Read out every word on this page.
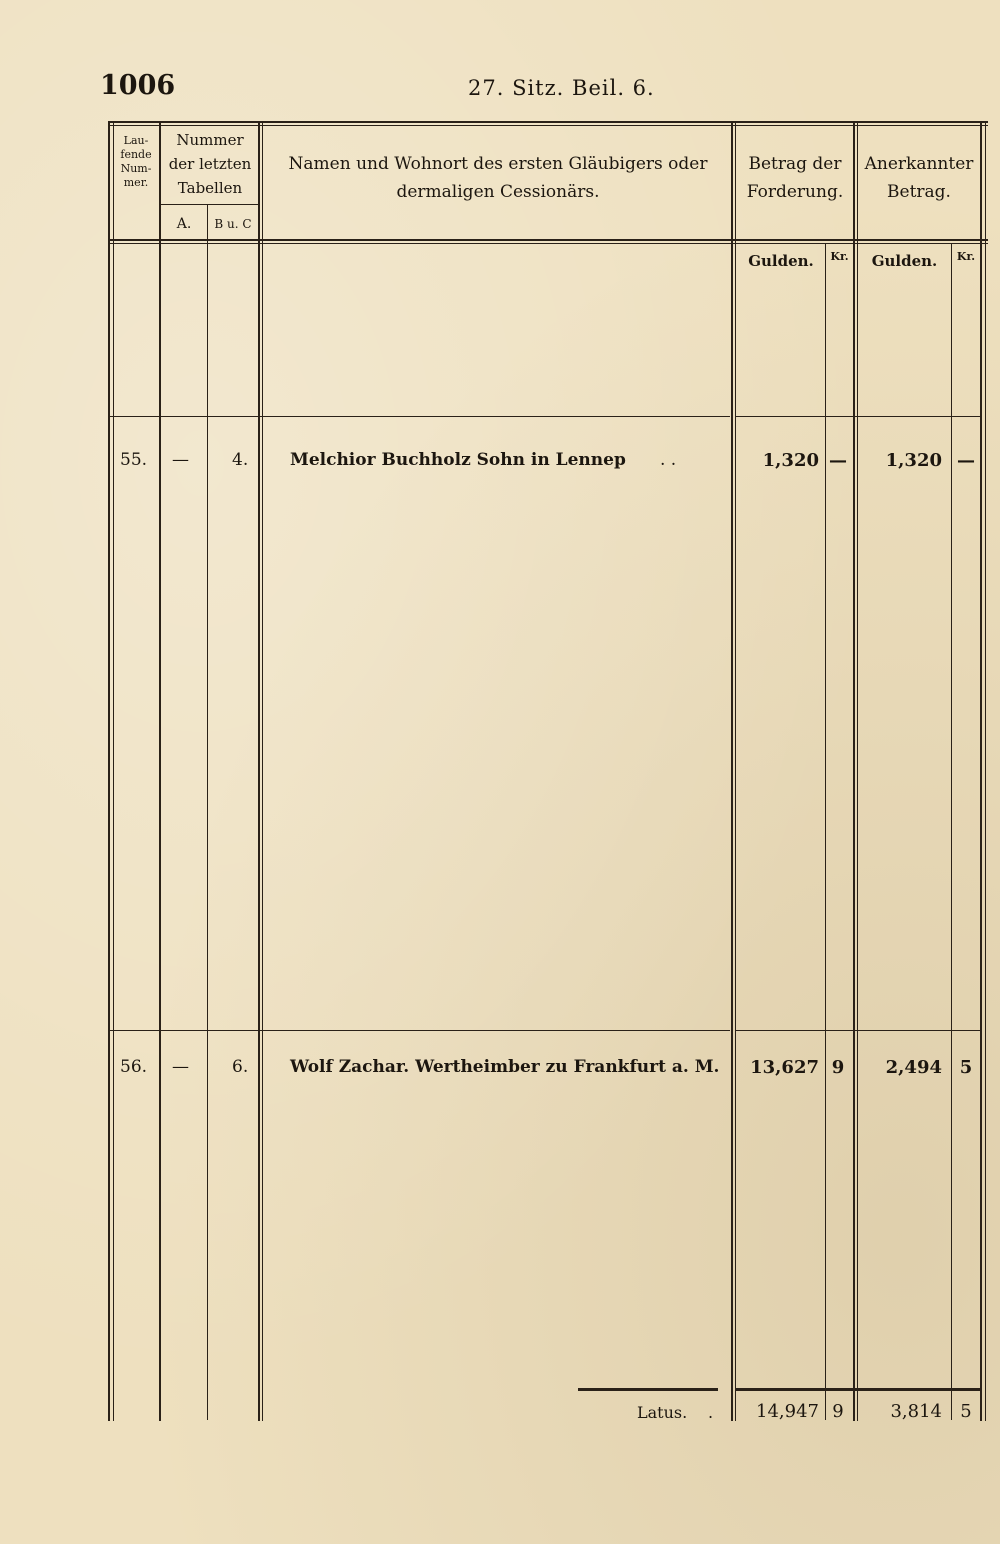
1006	27. Sitz. Beil. 6.
Lau-fende Num-mer.
Nummer der letzten Tabellen
A.	B u. C
Namen und Wohnort des ersten Gläubigers oder dermaligen Cessionärs.
Betrag der Forderung.
Anerkannter Betrag.
Gulden.	Kr.	Gulden.	Kr.
55. —	4. Melchior Buchholz Sohn in Lennep . .	1,320 —	1,320 —
56. —	6. Wolf Zachar. Wertheimber zu Frankfurt a. M.	13,627 9	2,494 5
Latus. .	14,947 9	3,814	5
